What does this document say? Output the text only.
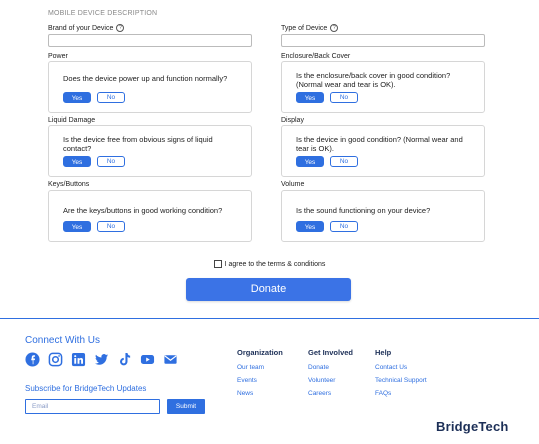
MOBILE DEVICE DESCRIPTION
Brand of your Device ?	Type of Device ?
Power
Does the device power up and function normally?
Yes	No
Enclosure/Back Cover
Is the enclosure/back cover in good condition? (Normal wear and tear is OK).
Yes	No
Liquid Damage
Is the device free from obvious signs of liquid contact?
Yes	No
Display
Is the device in good condition? (Normal wear and tear is OK).
Yes	No
Keys/Buttons
Are the keys/buttons in good working condition?
Yes	No
Volume
Is the sound functioning on your device?
Yes	No
I agree to the terms & conditions
Donate
Connect With Us
Subscribe for BridgeTech Updates
Email	Submit
Organization
Our team
Events
News
Get Involved
Donate
Volunteer
Careers
Help
Contact Us
Technical Support
FAQs
BridgeTech
